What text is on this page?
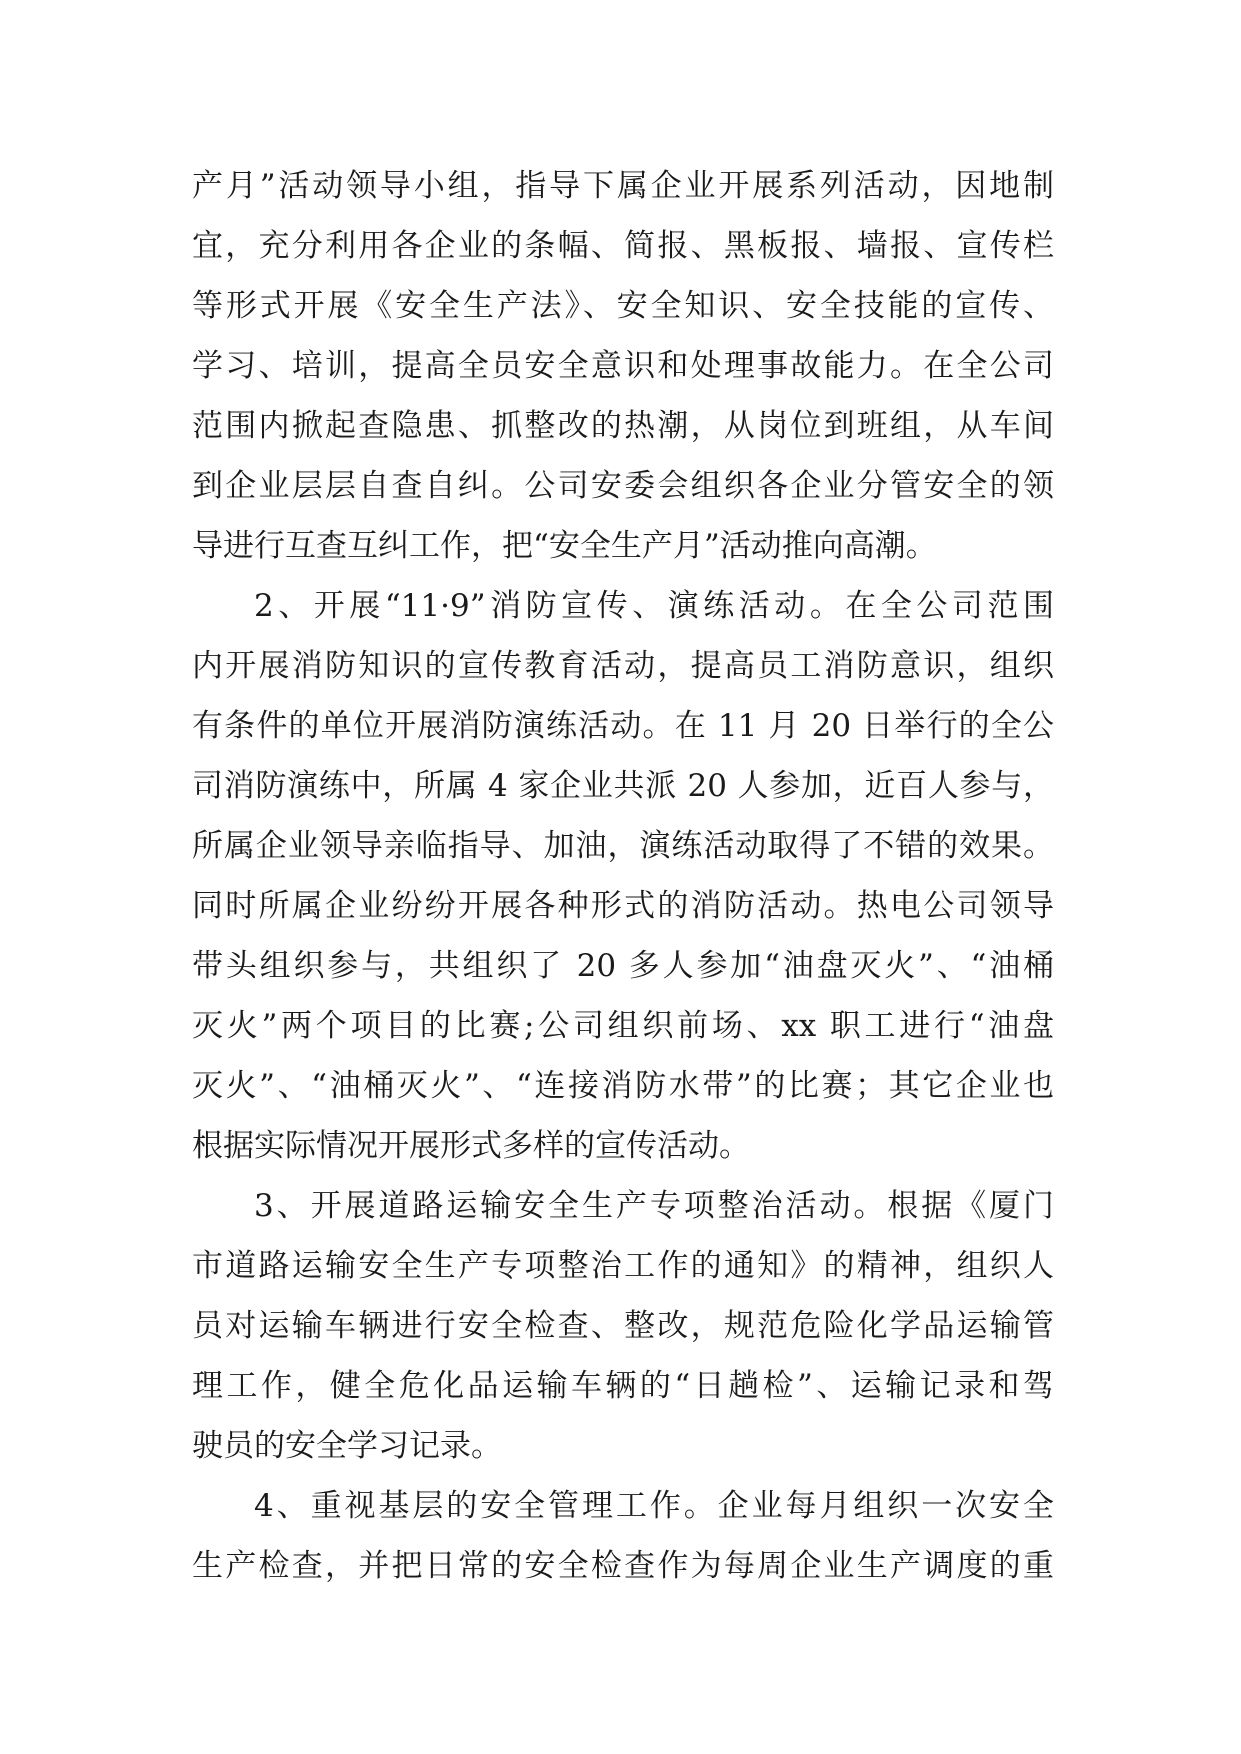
产月”活动领导小组，指导下属企业开展系列活动，因地制
宜，充分利用各企业的条幅、简报、黑板报、墙报、宣传栏
等形式开展《安全生产法》、安全知识、安全技能的宣传、
学习、培训，提高全员安全意识和处理事故能力。在全公司
范围内掀起查隐患、抓整改的热潮，从岗位到班组，从车间
到企业层层自查自纠。公司安委会组织各企业分管安全的领
导进行互查互纠工作，把“安全生产月”活动推向高潮。
2、开展“11·9”消防宣传、演练活动。在全公司范围
内开展消防知识的宣传教育活动，提高员工消防意识，组织
有条件的单位开展消防演练活动。在 11 月 20 日举行的全公
司消防演练中，所属 4 家企业共派 20 人参加，近百人参与，
所属企业领导亲临指导、加油，演练活动取得了不错的效果。
同时所属企业纷纷开展各种形式的消防活动。热电公司领导
带头组织参与，共组织了 20 多人参加“油盘灭火”、“油桶
灭火”两个项目的比赛;公司组织前场、xx 职工进行“油盘
灭火”、“油桶灭火”、“连接消防水带”的比赛；其它企业也
根据实际情况开展形式多样的宣传活动。
3、开展道路运输安全生产专项整治活动。根据《厦门
市道路运输安全生产专项整治工作的通知》的精神，组织人
员对运输车辆进行安全检查、整改，规范危险化学品运输管
理工作，健全危化品运输车辆的“日趟检”、运输记录和驾
驶员的安全学习记录。
4、重视基层的安全管理工作。企业每月组织一次安全
生产检查，并把日常的安全检查作为每周企业生产调度的重
